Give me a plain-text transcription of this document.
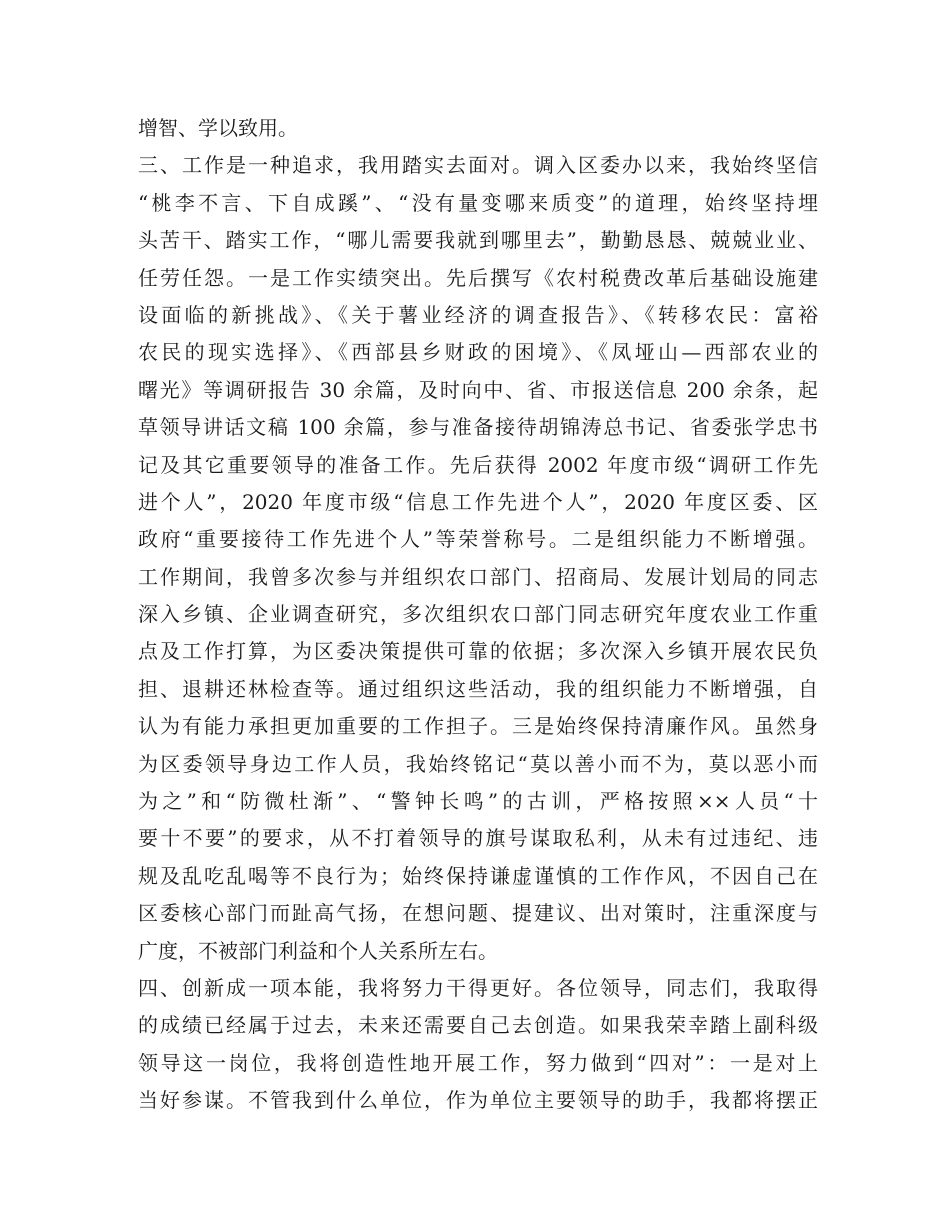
增智、学以致用。
三、工作是一种追求，我用踏实去面对。调入区委办以来，我始终坚信
“桃李不言、下自成蹊”、“没有量变哪来质变”的道理，始终坚持埋
头苦干、踏实工作，“哪儿需要我就到哪里去”，勤勤恳恳、兢兢业业、
任劳任怨。一是工作实绩突出。先后撰写《农村税费改革后基础设施建
设面临的新挑战》、《关于薯业经济的调查报告》、《转移农民：富裕
农民的现实选择》、《西部县乡财政的困境》、《凤垭山—西部农业的
曙光》等调研报告 30 余篇，及时向中、省、市报送信息 200 余条，起
草领导讲话文稿 100 余篇，参与准备接待胡锦涛总书记、省委张学忠书
记及其它重要领导的准备工作。先后获得 2002 年度市级“调研工作先
进个人”，2020 年度市级“信息工作先进个人”，2020 年度区委、区
政府“重要接待工作先进个人”等荣誉称号。二是组织能力不断增强。
工作期间，我曾多次参与并组织农口部门、招商局、发展计划局的同志
深入乡镇、企业调查研究，多次组织农口部门同志研究年度农业工作重
点及工作打算，为区委决策提供可靠的依据；多次深入乡镇开展农民负
担、退耕还林检查等。通过组织这些活动，我的组织能力不断增强，自
认为有能力承担更加重要的工作担子。三是始终保持清廉作风。虽然身
为区委领导身边工作人员，我始终铭记“莫以善小而不为，莫以恶小而
为之”和“防微杜渐”、“警钟长鸣”的古训，严格按照××人员“十
要十不要”的要求，从不打着领导的旗号谋取私利，从未有过违纪、违
规及乱吃乱喝等不良行为；始终保持谦虚谨慎的工作作风，不因自己在
区委核心部门而趾高气扬，在想问题、提建议、出对策时，注重深度与
广度，不被部门利益和个人关系所左右。
四、创新成一项本能，我将努力干得更好。各位领导，同志们，我取得
的成绩已经属于过去，未来还需要自己去创造。如果我荣幸踏上副科级
领导这一岗位，我将创造性地开展工作，努力做到“四对”：一是对上
当好参谋。不管我到什么单位，作为单位主要领导的助手，我都将摆正
